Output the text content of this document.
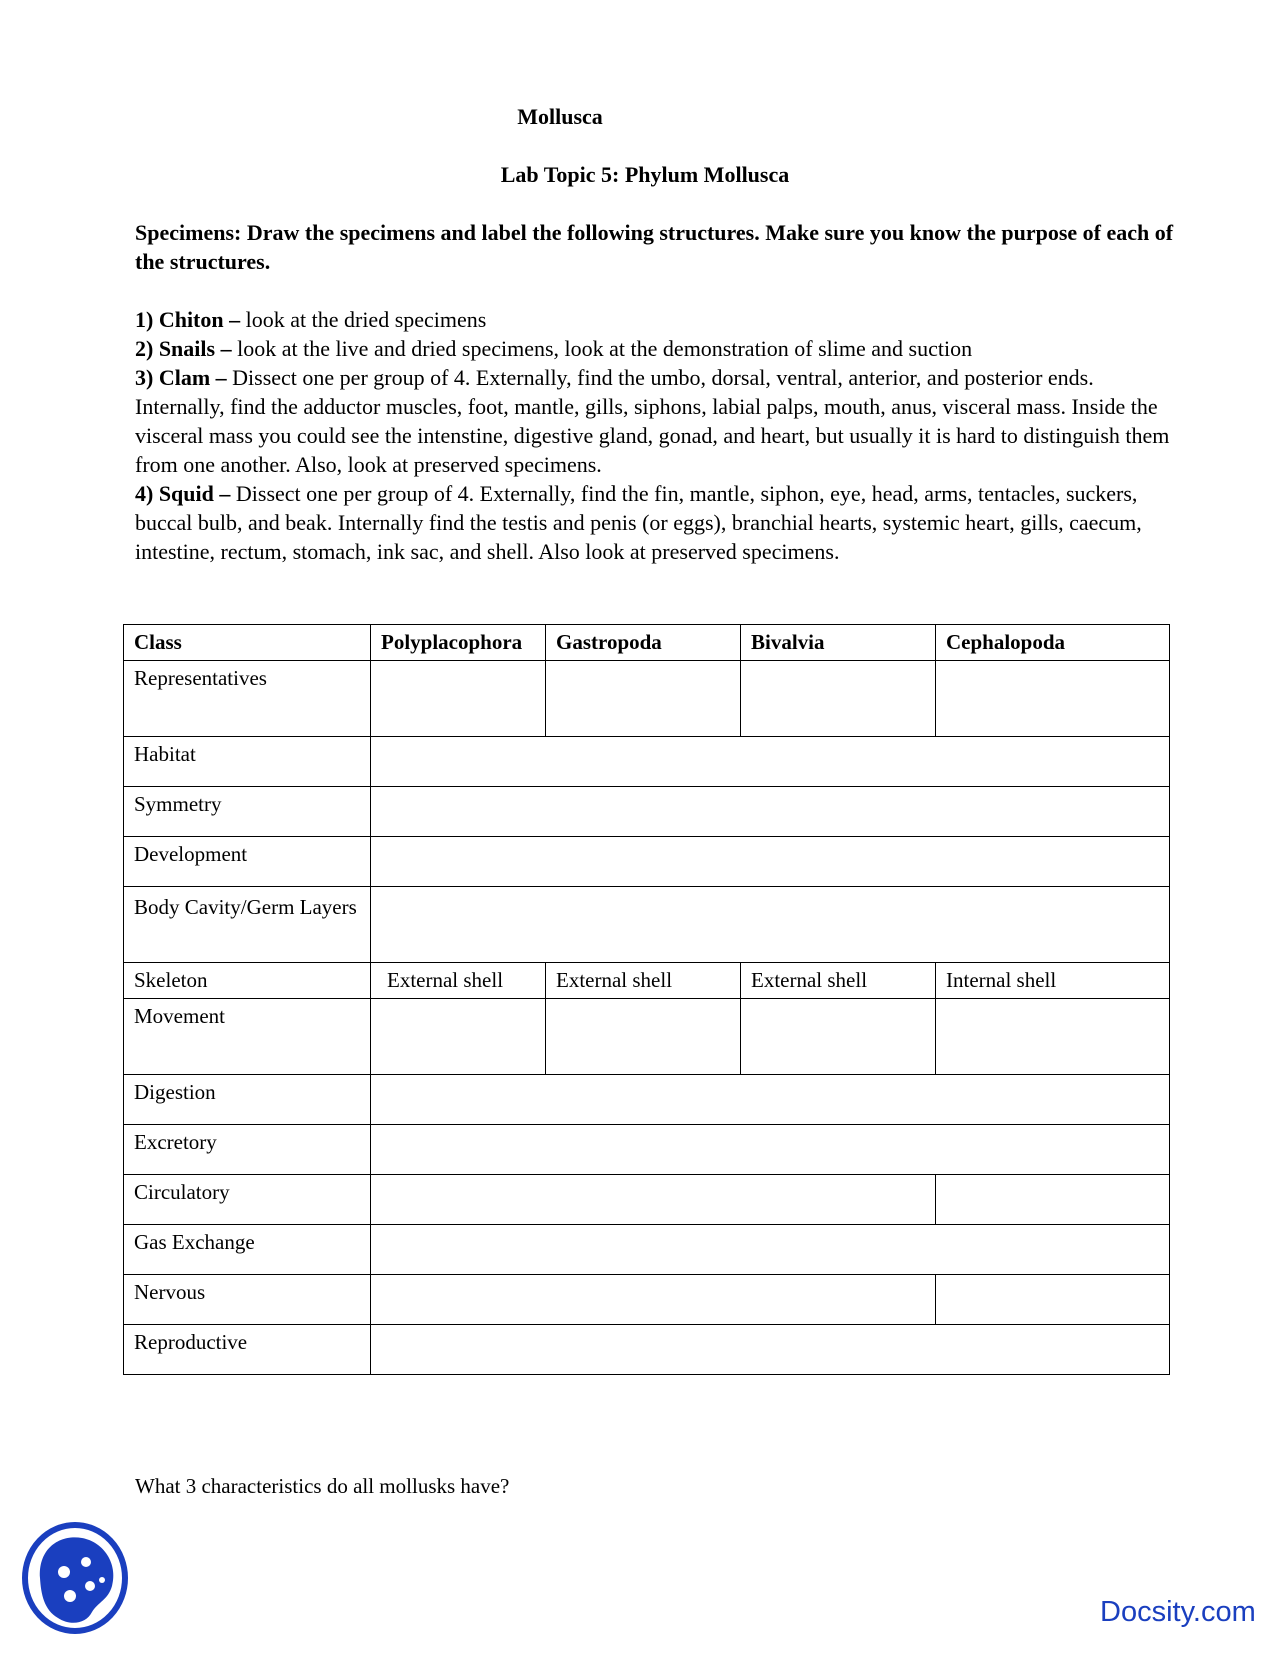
Mollusca
Lab Topic 5: Phylum Mollusca
Specimens: Draw the specimens and label the following structures. Make sure you know the purpose of each of the structures.

1) Chiton – look at the dried specimens

2) Snails – look at the live and dried specimens, look at the demonstration of slime and suction

3) Clam – Dissect one per group of 4. Externally, find the umbo, dorsal, ventral, anterior, and posterior ends. Internally, find the adductor muscles, foot, mantle, gills, siphons, labial palps, mouth, anus, visceral mass. Inside the visceral mass you could see the intenstine, digestive gland, gonad, and heart, but usually it is hard to distinguish them from one another. Also, look at preserved specimens.

4) Squid – Dissect one per group of 4. Externally, find the fin, mantle, siphon, eye, head, arms, tentacles, suckers, buccal bulb, and beak. Internally find the testis and penis (or eggs), branchial hearts, systemic heart, gills, caecum, intestine, rectum, stomach, ink sac, and shell. Also look at preserved specimens.

Class	Polyplacophora	Gastropoda	Bivalvia	Cephalopoda
Representatives				
Habitat				
Symmetry				
Development				
Body Cavity/Germ Layers				
Skeleton	External shell	External shell	External shell	Internal shell
Movement				
Digestion				
Excretory				
Circulatory				
Gas Exchange				
Nervous				
Reproductive				
What 3 characteristics do all mollusks have?
Docsity.com
